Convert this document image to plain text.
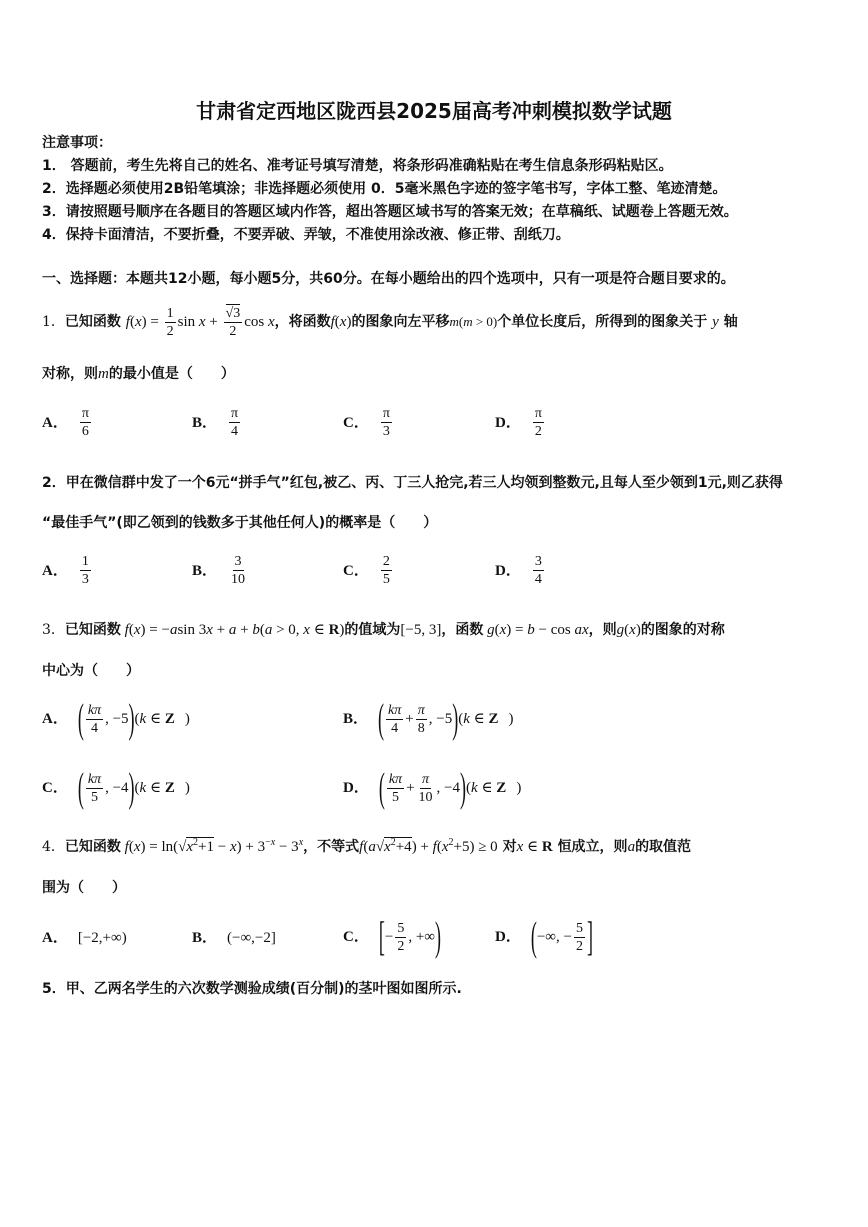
甘肃省定西地区陇西县2025届高考冲刺模拟数学试题
注意事项：
1． 答题前，考生先将自己的姓名、准考证号填写清楚，将条形码准确粘贴在考生信息条形码粘贴区。
2．选择题必须使用2B铅笔填涂；非选择题必须使用 0．5毫米黑色字迹的签字笔书写，字体工整、笔迹清楚。
3．请按照题号顺序在各题目的答题区域内作答，超出答题区域书写的答案无效；在草稿纸、试题卷上答题无效。
4．保持卡面清洁，不要折叠，不要弄破、弄皱，不准使用涂改液、修正带、刮纸刀。
一、选择题：本题共12小题，每小题5分，共60分。在每小题给出的四个选项中，只有一项是符合题目要求的。
1．已知函数 $f(x) = \frac{1}{2}$ $\sin x + \frac{√3}{2}$ cos x，将函数f(x)的图象向左平移m(m > 0)个单位长度后，所得到的图象关于 y 轴
对称，则m的最小值是（　　）
A． $\frac{\pi}{6}$	B． $\frac{\pi}{4}$	C． $\frac{\pi}{3}$	D． $\frac{\pi}{2}$
2．甲在微信群中发了一个6元“拼手气”红包,被乙、丙、丁三人抢完,若三人均领到整数元,且每人至少领到1元,则乙获得
“最佳手气”(即乙领到的钱数多于其他任何人)的概率是（　　）
A． $\frac{1}{3}$	B． $\frac{3}{10}$	C． $\frac{2}{5}$	D． $\frac{3}{4}$
3．已知函数 f(x) = −asin 3x + a + b(a > 0, x ∈ R)的值域为[−5, 3]，函数 g(x) = b − cos ax，则g(x)的图象的对称
中心为（　　）
A． ( $\frac{k\pi}{4}$ , −5)(k ∈ Z )	B． ( $\frac{k\pi}{4} + \frac{\pi}{8}$ , −5)(k ∈ Z )
C． ( $\frac{k\pi}{5}$ , −4)(k ∈ Z )	D． ( $\frac{k\pi}{5} + \frac{\pi}{10}$ , −4)(k ∈ Z )
4．已知函数 $f(x) = \ln(√x^2+1 - x) + 3^{-x} - 3^x$，不等式$f(a√x^2+4) + f(x^2+5) \ge 0$ 对x ∈ R 恒成立，则a的取值范
围为（　　）
A． [−2,+∞)	B． (−∞,−2]	C． [− $\frac{5}{2}$ , +∞)	D． (−∞, − $\frac{5}{2}$ ]
5．甲、乙两名学生的六次数学测验成绩(百分制)的茎叶图如图所示.
